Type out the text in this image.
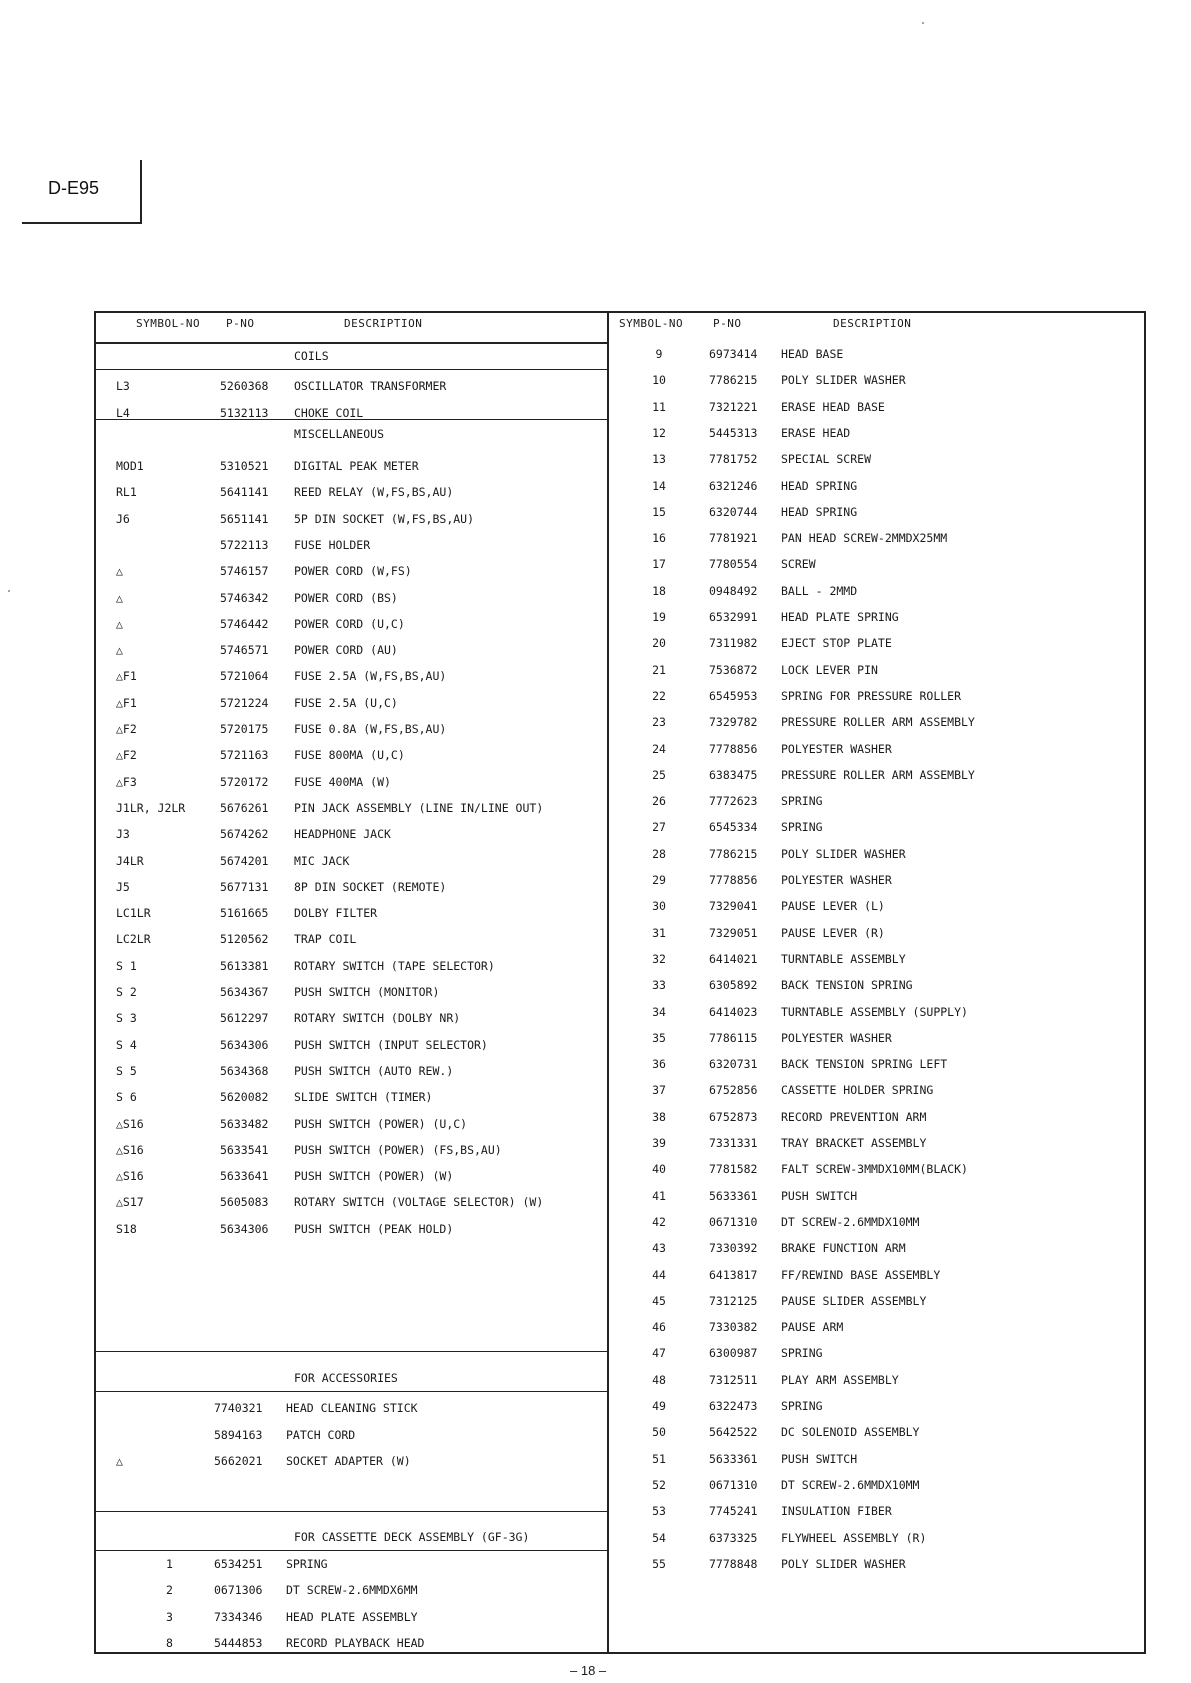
D-E95
SYMBOL-NO P-NO	DESCRIPTION
COILS
L3	5260368 OSCILLATOR TRANSFORMER
L4	5132113 CHOKE COIL
MISCELLANEOUS
MOD1	5310521 DIGITAL PEAK METER
RL1	5641141 REED RELAY (W,FS,BS,AU)
J6	5651141 5P DIN SOCKET (W,FS,BS,AU)
5722113 FUSE HOLDER
△	5746157 POWER CORD (W,FS)
△	5746342 POWER CORD (BS)
△	5746442 POWER CORD (U,C)
△	5746571 POWER CORD (AU)
△F1	5721064 FUSE 2.5A (W,FS,BS,AU)
△F1	5721224 FUSE 2.5A (U,C)
△F2	5720175 FUSE 0.8A (W,FS,BS,AU)
△F2	5721163 FUSE 800MA (U,C)
△F3	5720172 FUSE 400MA (W)
J1LR, J2LR	5676261 PIN JACK ASSEMBLY (LINE IN/LINE OUT)
J3	5674262 HEADPHONE JACK
J4LR	5674201 MIC JACK
J5	5677131 8P DIN SOCKET (REMOTE)
LC1LR	5161665 DOLBY FILTER
LC2LR	5120562 TRAP COIL
S 1	5613381 ROTARY SWITCH (TAPE SELECTOR)
S 2	5634367 PUSH SWITCH (MONITOR)
S 3	5612297 ROTARY SWITCH (DOLBY NR)
S 4	5634306 PUSH SWITCH (INPUT SELECTOR)
S 5	5634368 PUSH SWITCH (AUTO REW.)
S 6	5620082 SLIDE SWITCH (TIMER)
△S16	5633482 PUSH SWITCH (POWER) (U,C)
△S16	5633541 PUSH SWITCH (POWER) (FS,BS,AU)
△S16	5633641 PUSH SWITCH (POWER) (W)
△S17	5605083 ROTARY SWITCH (VOLTAGE SELECTOR) (W)
S18	5634306 PUSH SWITCH (PEAK HOLD)
FOR ACCESSORIES
7740321 HEAD CLEANING STICK
5894163 PATCH CORD
△	5662021 SOCKET ADAPTER (W)
FOR CASSETTE DECK ASSEMBLY (GF-3G)
1	6534251 SPRING
2	0671306 DT SCREW-2.6MMDX6MM
3	7334346 HEAD PLATE ASSEMBLY
8	5444853 RECORD PLAYBACK HEAD
SYMBOL-NO	P-NO	DESCRIPTION
9	6973414 HEAD BASE
10	7786215 POLY SLIDER WASHER
11	7321221 ERASE HEAD BASE
12	5445313 ERASE HEAD
13	7781752 SPECIAL SCREW
14	6321246 HEAD SPRING
15	6320744 HEAD SPRING
16	7781921 PAN HEAD SCREW-2MMDX25MM
17	7780554 SCREW
18	0948492 BALL - 2MMD
19	6532991 HEAD PLATE SPRING
20	7311982 EJECT STOP PLATE
21	7536872 LOCK LEVER PIN
22	6545953 SPRING FOR PRESSURE ROLLER
23	7329782 PRESSURE ROLLER ARM ASSEMBLY
24	7778856 POLYESTER WASHER
25	6383475 PRESSURE ROLLER ARM ASSEMBLY
26	7772623 SPRING
27	6545334 SPRING
28	7786215 POLY SLIDER WASHER
29	7778856 POLYESTER WASHER
30	7329041 PAUSE LEVER (L)
31	7329051 PAUSE LEVER (R)
32	6414021 TURNTABLE ASSEMBLY
33	6305892 BACK TENSION SPRING
34	6414023 TURNTABLE ASSEMBLY (SUPPLY)
35	7786115 POLYESTER WASHER
36	6320731 BACK TENSION SPRING LEFT
37	6752856 CASSETTE HOLDER SPRING
38	6752873 RECORD PREVENTION ARM
39	7331331 TRAY BRACKET ASSEMBLY
40	7781582 FALT SCREW-3MMDX10MM(BLACK)
41	5633361 PUSH SWITCH
42	0671310 DT SCREW-2.6MMDX10MM
43	7330392 BRAKE FUNCTION ARM
44	6413817 FF/REWIND BASE ASSEMBLY
45	7312125 PAUSE SLIDER ASSEMBLY
46	7330382 PAUSE ARM
47	6300987 SPRING
48	7312511 PLAY ARM ASSEMBLY
49	6322473 SPRING
50	5642522 DC SOLENOID ASSEMBLY
51	5633361 PUSH SWITCH
52	0671310 DT SCREW-2.6MMDX10MM
53	7745241 INSULATION FIBER
54	6373325 FLYWHEEL ASSEMBLY (R)
55	7778848 POLY SLIDER WASHER
– 18 –
